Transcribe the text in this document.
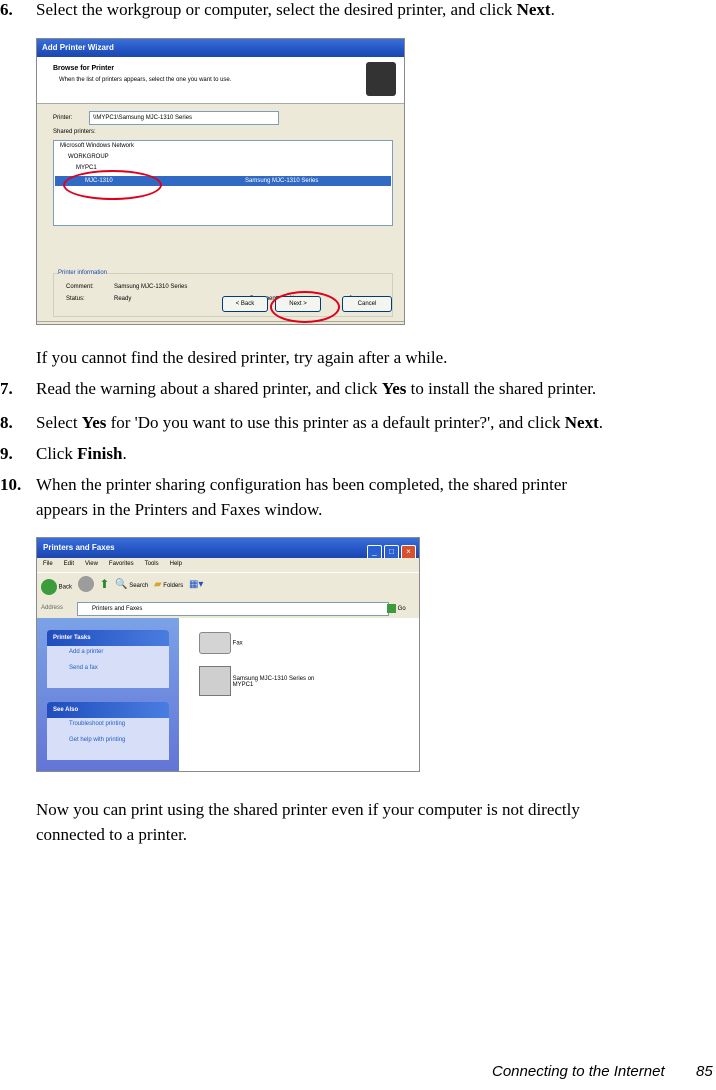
6. Select the workgroup or computer, select the desired printer, and click Next.
Add Printer Wizard
Browse for Printer
When the list of printers appears, select the one you want to use.
Printer:	\\MYPC1\Samsung MJC-1310 Series
Shared printers:
Microsoft Windows Network
WORKGROUP
MYPC1
MJC-1310	Samsung MJC-1310 Series
Printer information
Comment:	Samsung MJC-1310 Series
Status:	Ready
< Back	Next >	Cancel
If you cannot find the desired printer, try again after a while.
7. Read the warning about a shared printer, and click Yes to install the shared printer.
8. Select Yes for 'Do you want to use this printer as a default printer?', and click Next.
9. Click Finish.
10. When the printer sharing configuration has been completed, the shared printer
appears in the Printers and Faxes window.
Printers and Faxes	_ □ ×
File Edit View Favorites Tools Help
Back ⬆ 🔍 Search ▰ Folders ▦▾
Address	Printers and Faxes	Go
Printer Tasks
Add a printer
Send a fax
See Also
Troubleshoot printing
Get help with printing
Fax
Samsung MJC-1310 Series on
MYPC1
Now you can print using the shared printer even if your computer is not directly
connected to a printer.
Connecting to the Internet 85
